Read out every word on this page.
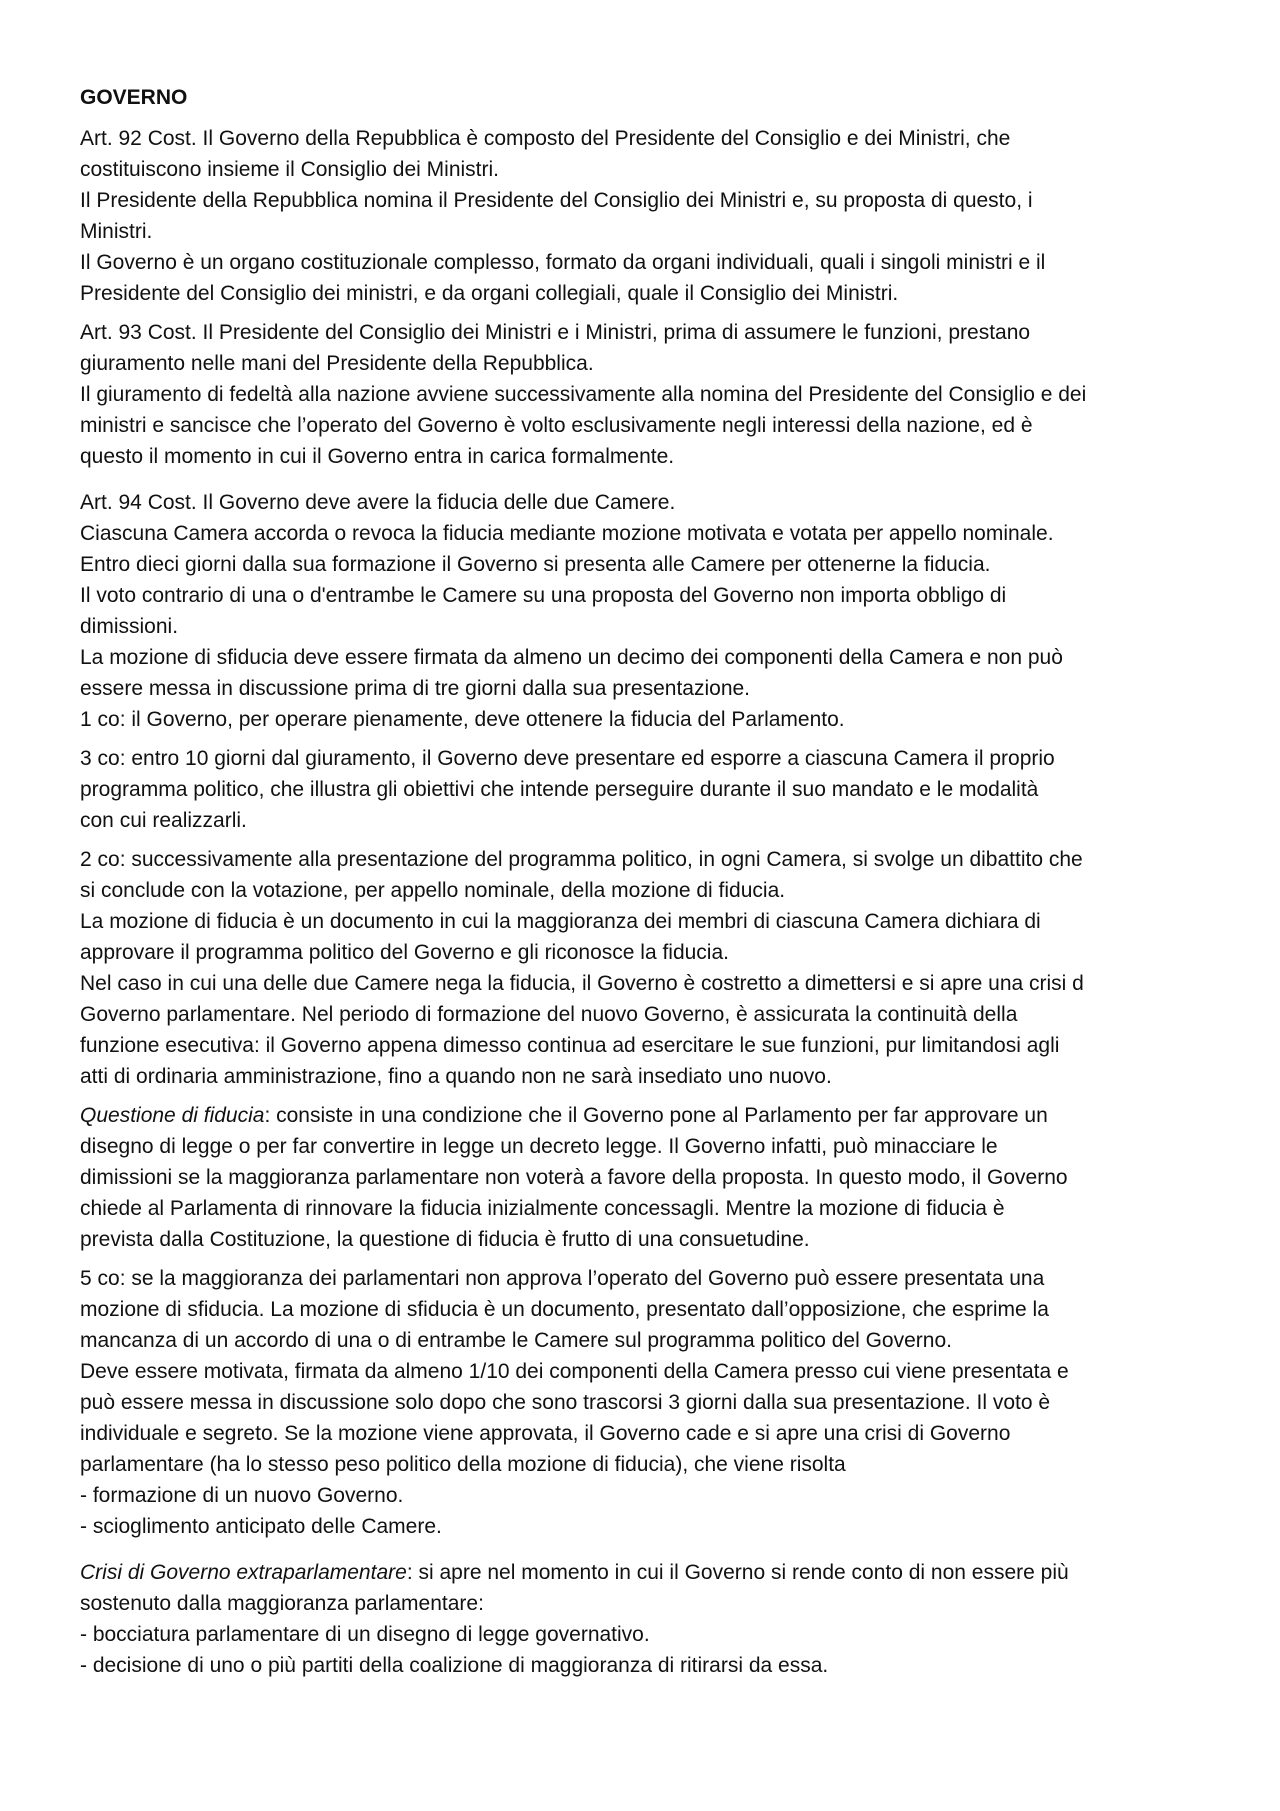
GOVERNO
Art. 92 Cost. Il Governo della Repubblica è composto del Presidente del Consiglio e dei Ministri, che
costituiscono insieme il Consiglio dei Ministri.
Il Presidente della Repubblica nomina il Presidente del Consiglio dei Ministri e, su proposta di questo, i
Ministri.
Il Governo è un organo costituzionale complesso, formato da organi individuali, quali i singoli ministri e il
Presidente del Consiglio dei ministri, e da organi collegiali, quale il Consiglio dei Ministri.
Art. 93 Cost. Il Presidente del Consiglio dei Ministri e i Ministri, prima di assumere le funzioni, prestano
giuramento nelle mani del Presidente della Repubblica.
Il giuramento di fedeltà alla nazione avviene successivamente alla nomina del Presidente del Consiglio e dei
ministri e sancisce che l’operato del Governo è volto esclusivamente negli interessi della nazione, ed è
questo il momento in cui il Governo entra in carica formalmente.
Art. 94 Cost. Il Governo deve avere la fiducia delle due Camere.
Ciascuna Camera accorda o revoca la fiducia mediante mozione motivata e votata per appello nominale.
Entro dieci giorni dalla sua formazione il Governo si presenta alle Camere per ottenerne la fiducia.
Il voto contrario di una o d'entrambe le Camere su una proposta del Governo non importa obbligo di
dimissioni.
La mozione di sfiducia deve essere firmata da almeno un decimo dei componenti della Camera e non può
essere messa in discussione prima di tre giorni dalla sua presentazione.
1 co: il Governo, per operare pienamente, deve ottenere la fiducia del Parlamento.
3 co: entro 10 giorni dal giuramento, il Governo deve presentare ed esporre a ciascuna Camera il proprio
programma politico, che illustra gli obiettivi che intende perseguire durante il suo mandato e le modalità
con cui realizzarli.
2 co: successivamente alla presentazione del programma politico, in ogni Camera, si svolge un dibattito che
si conclude con la votazione, per appello nominale, della mozione di fiducia.
La mozione di fiducia è un documento in cui la maggioranza dei membri di ciascuna Camera dichiara di
approvare il programma politico del Governo e gli riconosce la fiducia.
Nel caso in cui una delle due Camere nega la fiducia, il Governo è costretto a dimettersi e si apre una crisi d
Governo parlamentare. Nel periodo di formazione del nuovo Governo, è assicurata la continuità della
funzione esecutiva: il Governo appena dimesso continua ad esercitare le sue funzioni, pur limitandosi agli
atti di ordinaria amministrazione, fino a quando non ne sarà insediato uno nuovo.
Questione di fiducia: consiste in una condizione che il Governo pone al Parlamento per far approvare un
disegno di legge o per far convertire in legge un decreto legge. Il Governo infatti, può minacciare le
dimissioni se la maggioranza parlamentare non voterà a favore della proposta. In questo modo, il Governo
chiede al Parlamenta di rinnovare la fiducia inizialmente concessagli. Mentre la mozione di fiducia è
prevista dalla Costituzione, la questione di fiducia è frutto di una consuetudine.
5 co: se la maggioranza dei parlamentari non approva l’operato del Governo può essere presentata una
mozione di sfiducia. La mozione di sfiducia è un documento, presentato dall’opposizione, che esprime la
mancanza di un accordo di una o di entrambe le Camere sul programma politico del Governo.
Deve essere motivata, firmata da almeno 1/10 dei componenti della Camera presso cui viene presentata e
può essere messa in discussione solo dopo che sono trascorsi 3 giorni dalla sua presentazione. Il voto è
individuale e segreto. Se la mozione viene approvata, il Governo cade e si apre una crisi di Governo
parlamentare (ha lo stesso peso politico della mozione di fiducia), che viene risolta
- formazione di un nuovo Governo.
- scioglimento anticipato delle Camere.
Crisi di Governo extraparlamentare: si apre nel momento in cui il Governo si rende conto di non essere più
sostenuto dalla maggioranza parlamentare:
- bocciatura parlamentare di un disegno di legge governativo.
- decisione di uno o più partiti della coalizione di maggioranza di ritirarsi da essa.
